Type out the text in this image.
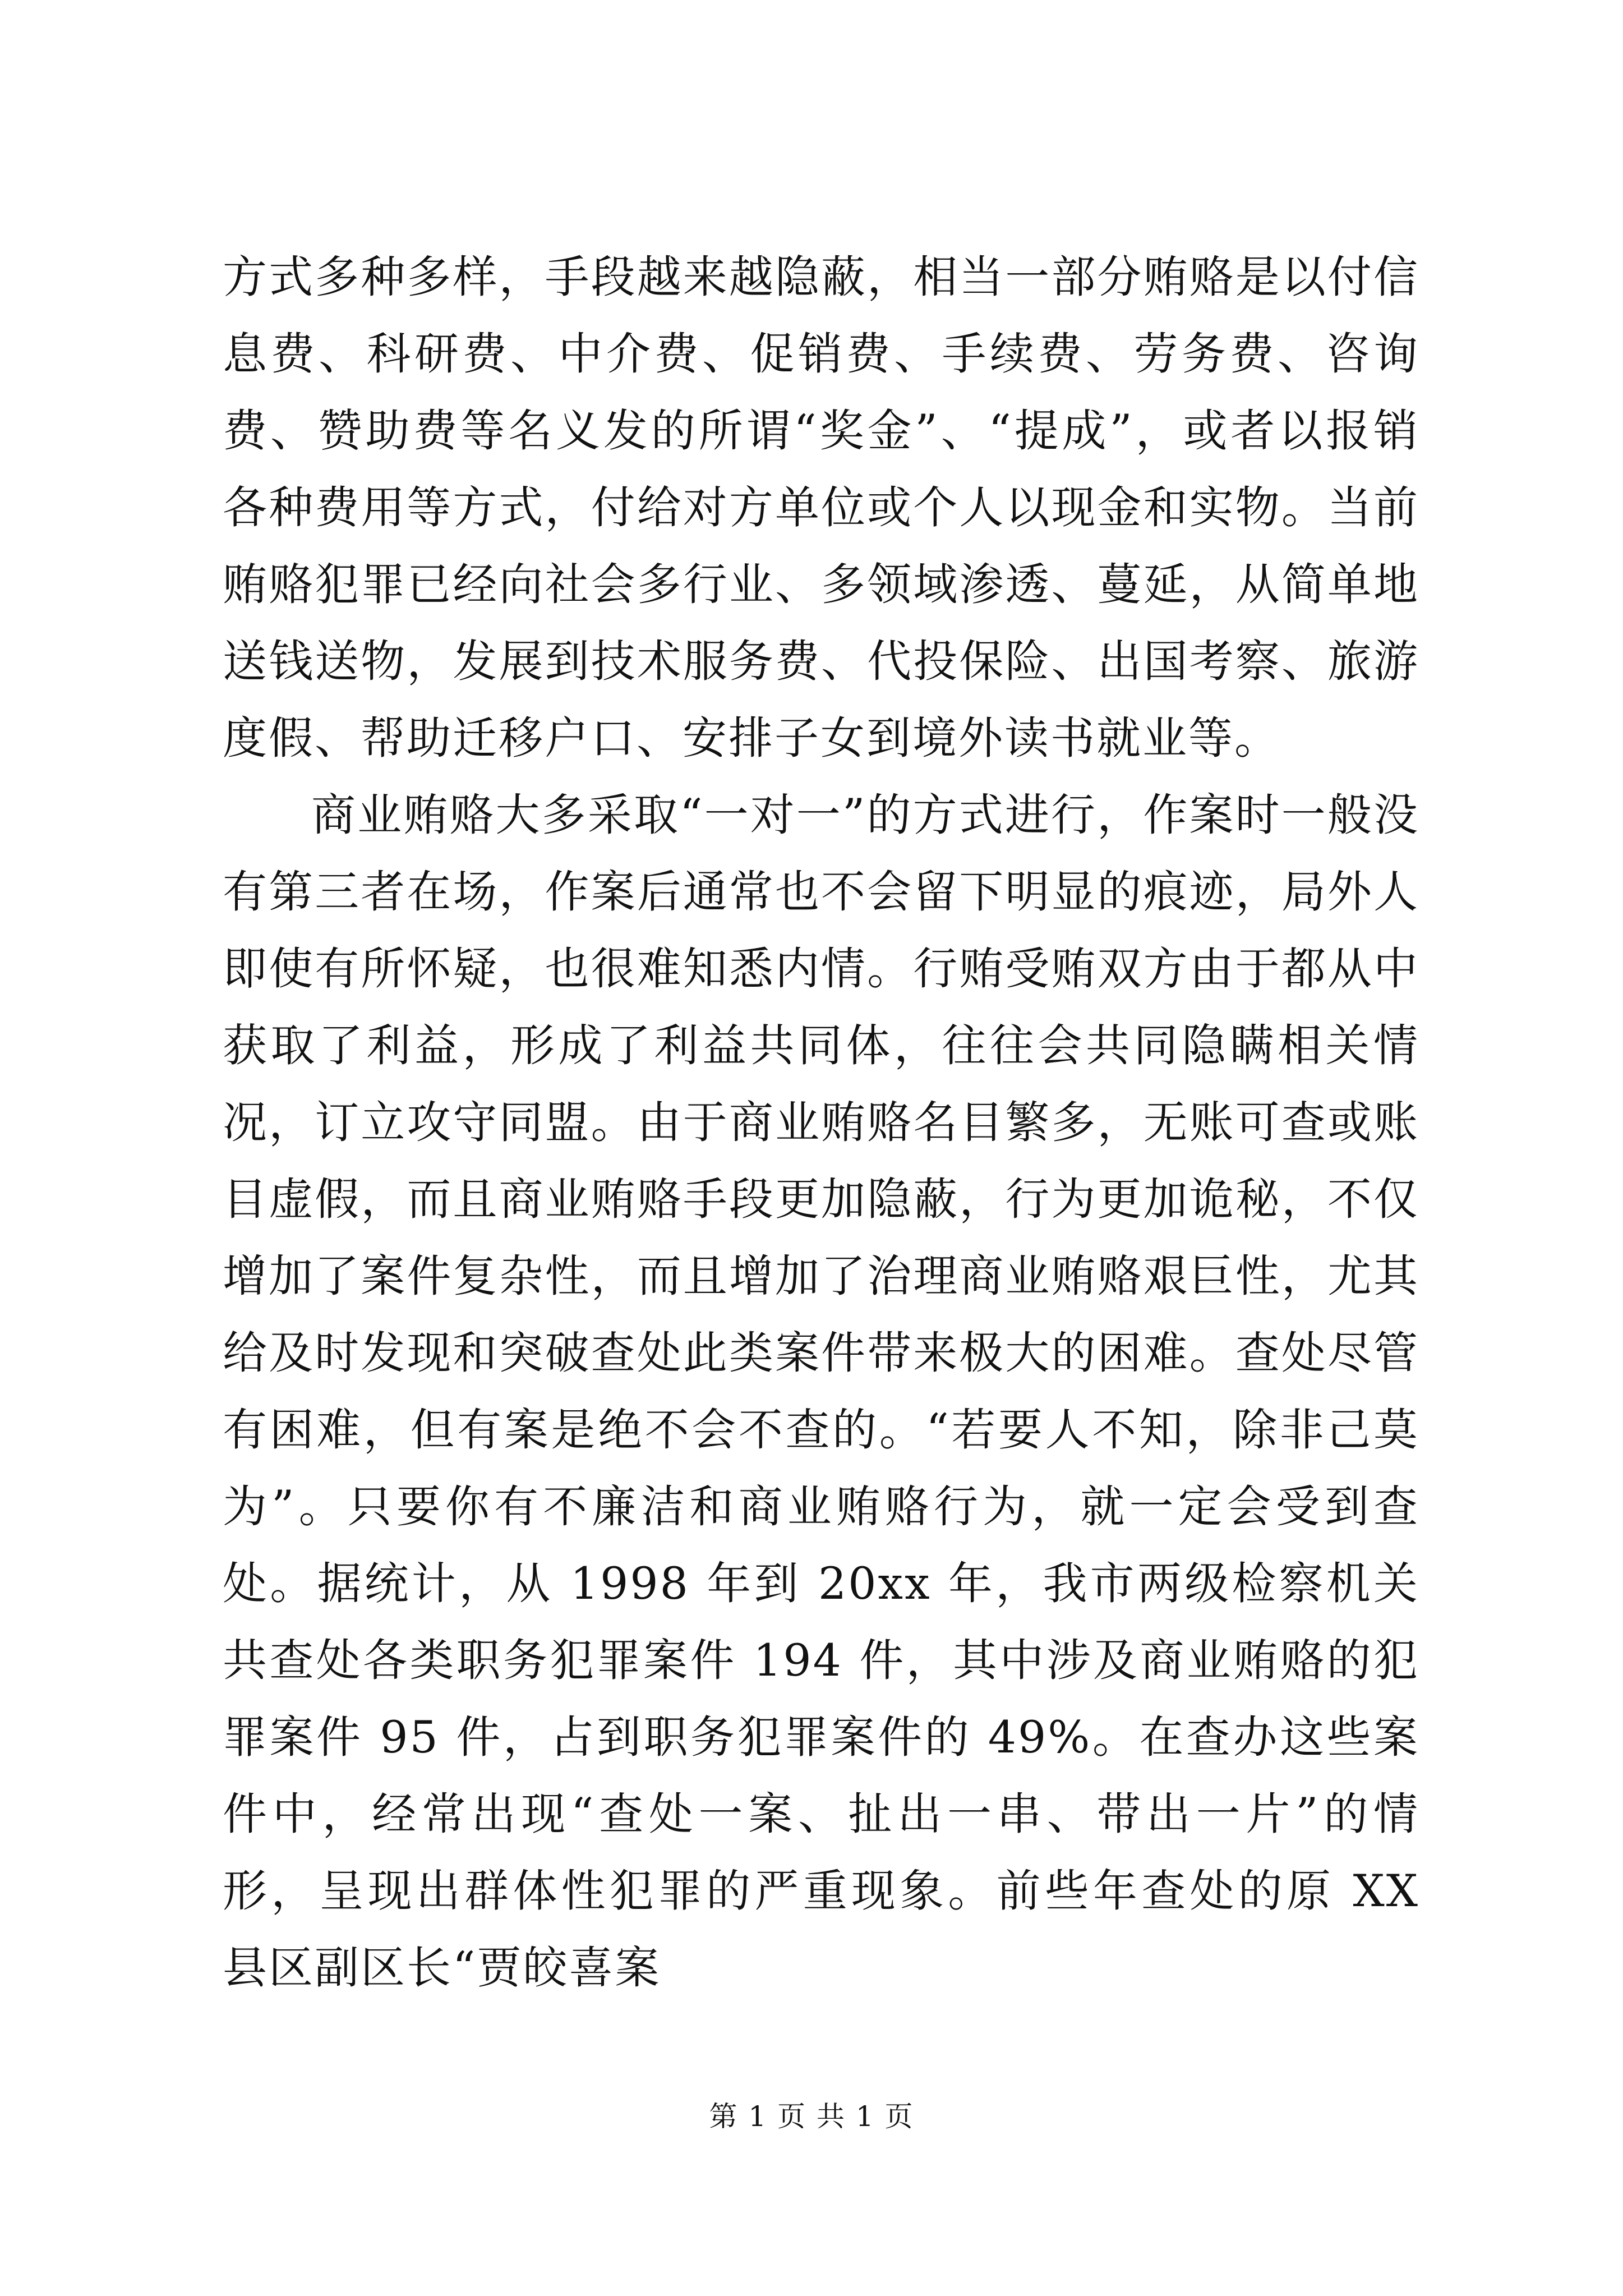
方式多种多样，手段越来越隐蔽，相当一部分贿赂是以付信息费、科研费、中介费、促销费、手续费、劳务费、咨询费、赞助费等名义发的所谓“奖金”、“提成”，或者以报销各种费用等方式，付给对方单位或个人以现金和实物。当前贿赂犯罪已经向社会多行业、多领域渗透、蔓延，从简单地送钱送物，发展到技术服务费、代投保险、出国考察、旅游度假、帮助迁移户口、安排子女到境外读书就业等。

商业贿赂大多采取“一对一”的方式进行，作案时一般没有第三者在场，作案后通常也不会留下明显的痕迹，局外人即使有所怀疑，也很难知悉内情。行贿受贿双方由于都从中获取了利益，形成了利益共同体，往往会共同隐瞒相关情况，订立攻守同盟。由于商业贿赂名目繁多，无账可查或账目虚假，而且商业贿赂手段更加隐蔽，行为更加诡秘，不仅增加了案件复杂性，而且增加了治理商业贿赂艰巨性，尤其给及时发现和突破查处此类案件带来极大的困难。查处尽管有困难，但有案是绝不会不查的。“若要人不知，除非己莫为”。只要你有不廉洁和商业贿赂行为，就一定会受到查处。据统计，从 1998 年到 20xx 年，我市两级检察机关共查处各类职务犯罪案件 194 件，其中涉及商业贿赂的犯罪案件 95 件，占到职务犯罪案件的 49%。在查办这些案件中，经常出现“查处一案、扯出一串、带出一片”的情形，呈现出群体性犯罪的严重现象。前些年查处的原 XX 县区副区长“贾皎喜案

第 1 页 共 1 页
